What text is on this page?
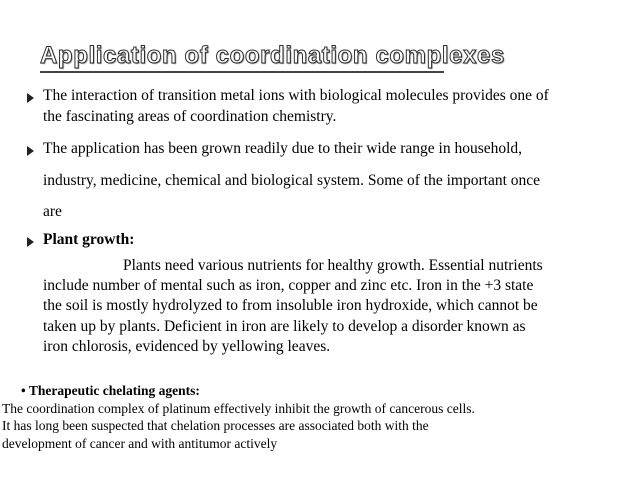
Application of coordination complexes
The interaction of transition metal ions with biological molecules provides one of
the fascinating areas of coordination chemistry.
The application has been grown readily due to their wide range in household,
industry, medicine, chemical and biological system. Some of the important once
are
Plant growth:
Plants need various nutrients for healthy growth. Essential nutrients
include number of mental such as iron, copper and zinc etc. Iron in the +3 state
the soil is mostly hydrolyzed to from insoluble iron hydroxide, which cannot be
taken up by plants. Deficient in iron are likely to develop a disorder known as
iron chlorosis, evidenced by yellowing leaves.
• Therapeutic chelating agents:
The coordination complex of platinum effectively inhibit the growth of cancerous cells.
It has long been suspected that chelation processes are associated both with the
development of cancer and with antitumor actively
